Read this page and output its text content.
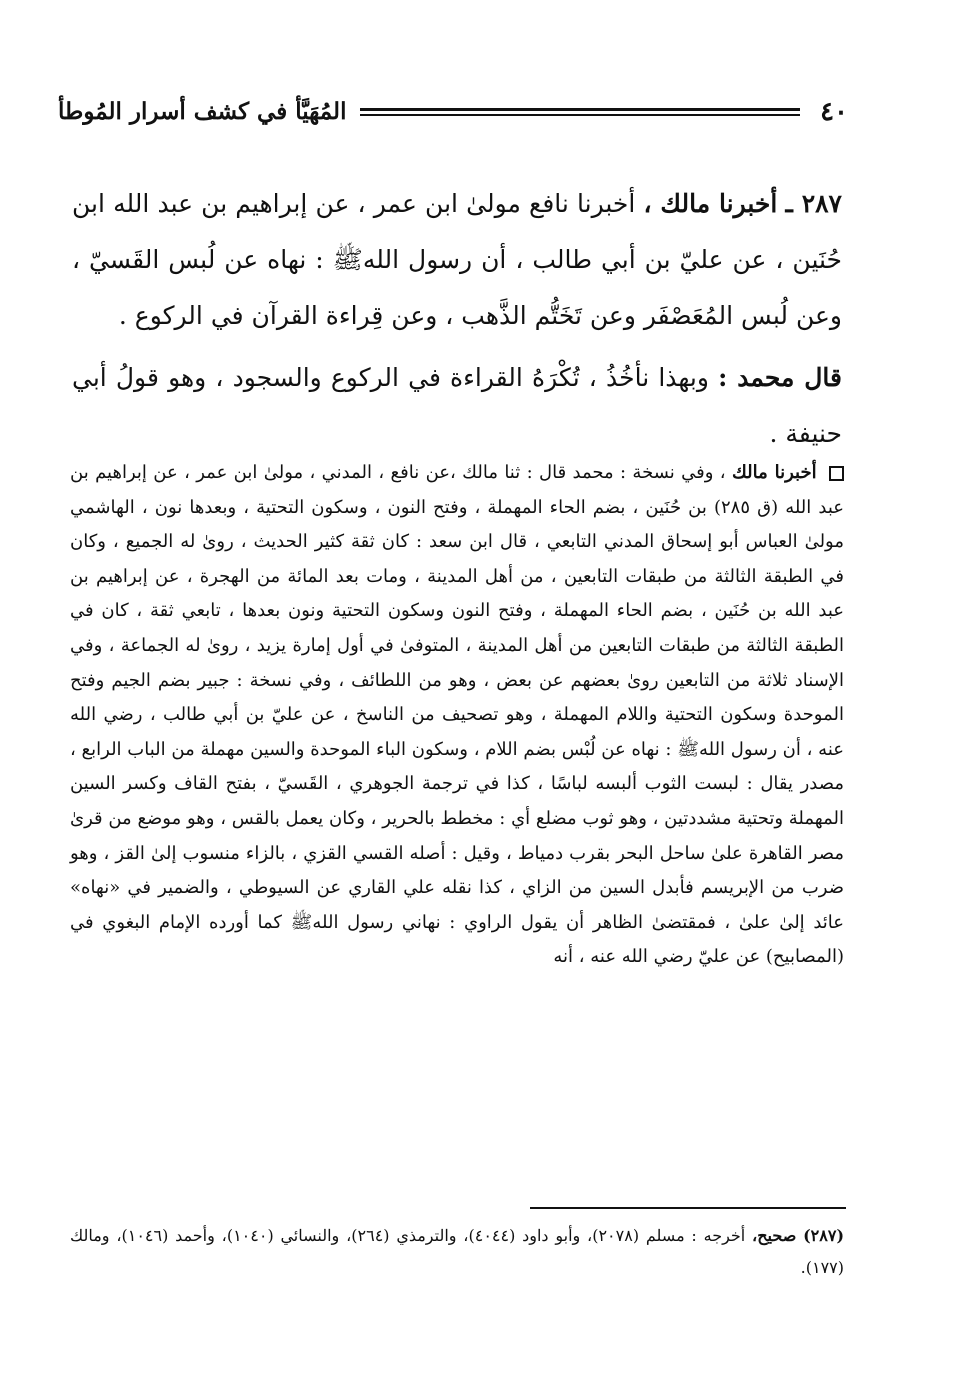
٤٠
المُهَيَّأ في كشف أسرار المُوطأ

٢٨٧ ـ أخبرنا مالك ، أخبرنا نافع مولىٰ ابن عمر ، عن إبراهيم بن عبد الله ابن حُنَين ، عن عليّ بن أبي طالب ، أن رسول اللهﷺ : نهاه عن لُبس القَسيّ ، وعن لُبس المُعَصْفَر وعن تَخَتُّم الذَّهب ، وعن قِراءة القرآن في الركوع .

قال محمد : وبهذا نأخُذُ ، تُكْرَهُ القراءة في الركوع والسجود ، وهو قولُ أبي حنيفة .

أخبرنا مالك ، وفي نسخة : محمد قال : ثنا مالك ،عن نافع ، المدني ، مولىٰ ابن عمر ، عن إبراهيم بن عبد الله (ق ٢٨٥) بن حُنَين ، بضم الحاء المهملة ، وفتح النون ، وسكون التحتية ، وبعدها نون ، الهاشمي مولىٰ العباس أبو إسحاق المدني التابعي ، قال ابن سعد : كان ثقة كثير الحديث ، روىٰ له الجميع ، وكان في الطبقة الثالثة من طبقات التابعين ، من أهل المدينة ، ومات بعد المائة من الهجرة ، عن إبراهيم بن عبد الله بن حُنَين ، بضم الحاء المهملة ، وفتح النون وسكون التحتية ونون بعدها ، تابعي ثقة ، كان في الطبقة الثالثة من طبقات التابعين من أهل المدينة ، المتوفىٰ في أول إمارة يزيد ، روىٰ له الجماعة ، وفي الإسناد ثلاثة من التابعين روىٰ بعضهم عن بعض ، وهو من اللطائف ، وفي نسخة : جبير بضم الجيم وفتح الموحدة وسكون التحتية واللام المهملة ، وهو تصحيف من الناسخ ، عن عليّ بن أبي طالب ، رضي الله عنه ، أن رسول اللهﷺ : نهاه عن لُبْس بضم اللام ، وسكون الباء الموحدة والسين مهملة من الباب الرابع ، مصدر يقال : لبست الثوب ألبسه لباسًا ، كذا في ترجمة الجوهري ، القَسيّ ، بفتح القاف وكسر السين المهملة وتحتية مشددتين ، وهو ثوب مضلع أي : مخطط بالحرير ، وكان يعمل بالقس ، وهو موضع من قرىٰ مصر القاهرة علىٰ ساحل البحر بقرب دمياط ، وقيل : أصله القسي القزي ، بالزاء منسوب إلىٰ القز ، وهو ضرب من الإبريسم فأبدل السين من الزاي ، كذا نقله علي القاري عن السيوطي ، والضمير في «نهاه» عائد إلىٰ علىٰ ، فمقتضىٰ الظاهر أن يقول الراوي : نهاني رسول اللهﷺ كما أورده الإمام البغوي في (المصابيح) عن عليّ رضي الله عنه ، أنه

(٢٨٧) صحيح، أخرجه : مسلم (٢٠٧٨)، وأبو داود (٤٠٤٤)، والترمذي (٢٦٤)، والنسائي (١٠٤٠)، وأحمد (١٠٤٦)، ومالك (١٧٧).
